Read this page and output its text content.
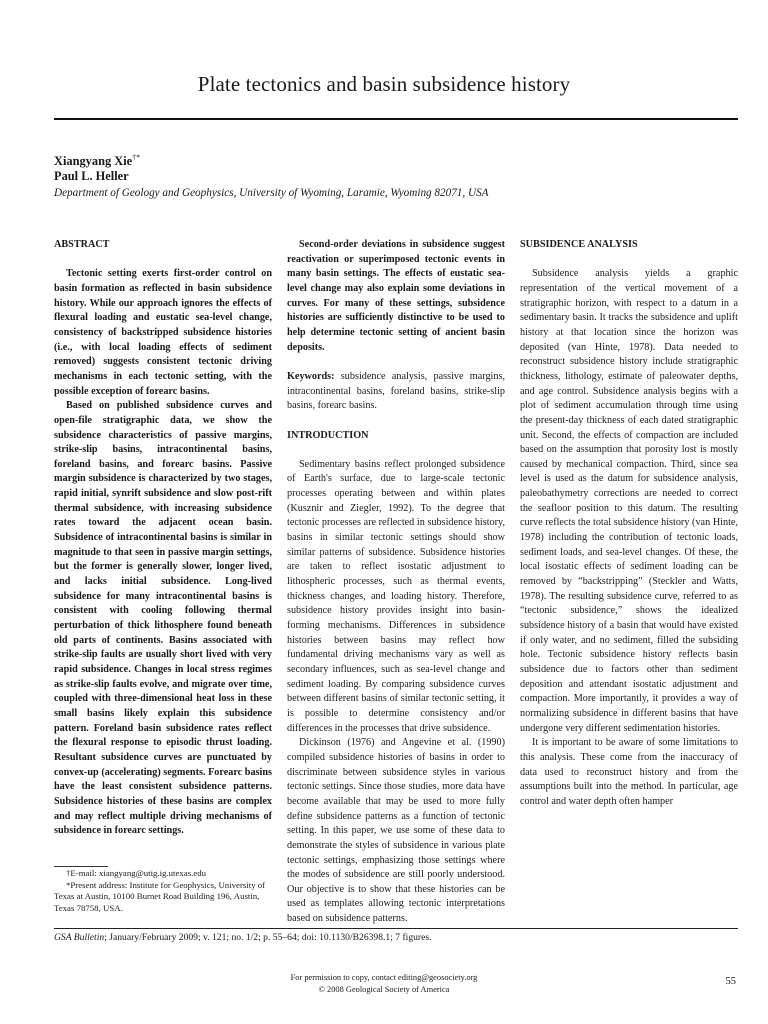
Plate tectonics and basin subsidence history
Xiangyang Xie†*
Paul L. Heller
Department of Geology and Geophysics, University of Wyoming, Laramie, Wyoming 82071, USA
ABSTRACT

Tectonic setting exerts first-order control on basin formation as reflected in basin subsidence history. While our approach ignores the effects of flexural loading and eustatic sea-level change, consistency of backstripped subsidence histories (i.e., with local loading effects of sediment removed) suggests consistent tectonic driving mechanisms in each tectonic setting, with the possible exception of forearc basins.

Based on published subsidence curves and open-file stratigraphic data, we show the subsidence characteristics of passive margins, strike-slip basins, intracontinental basins, foreland basins, and forearc basins. Passive margin subsidence is characterized by two stages, rapid initial, synrift subsidence and slow post-rift thermal subsidence, with increasing subsidence rates toward the adjacent ocean basin. Subsidence of intracontinental basins is similar in magnitude to that seen in passive margin settings, but the former is generally slower, longer lived, and lacks initial subsidence. Long-lived subsidence for many intracontinental basins is consistent with cooling following thermal perturbation of thick lithosphere found beneath old parts of continents. Basins associated with strike-slip faults are usually short lived with very rapid subsidence. Changes in local stress regimes as strike-slip faults evolve, and migrate over time, coupled with three-dimensional heat loss in these small basins likely explain this subsidence pattern. Foreland basin subsidence rates reflect the flexural response to episodic thrust loading. Resultant subsidence curves are punctuated by convex-up (accelerating) segments. Forearc basins have the least consistent subsidence patterns. Subsidence histories of these basins are complex and may reflect multiple driving mechanisms of subsidence in forearc settings.

Second-order deviations in subsidence suggest reactivation or superimposed tectonic events in many basin settings. The effects of eustatic sea-level change may also explain some deviations in curves. For many of these settings, subsidence histories are sufficiently distinctive to be used to help determine tectonic setting of ancient basin deposits.

Keywords: subsidence analysis, passive margins, intracontinental basins, foreland basins, strike-slip basins, forearc basins.

INTRODUCTION

Sedimentary basins reflect prolonged subsidence of Earth's surface, due to large-scale tectonic processes operating between and within plates (Kusznir and Ziegler, 1992). To the degree that tectonic processes are reflected in subsidence history, basins in similar tectonic settings should show similar patterns of subsidence. Subsidence histories are taken to reflect isostatic adjustment to lithospheric processes, such as thermal events, thickness changes, and loading history. Therefore, subsidence history provides insight into basin-forming mechanisms. Differences in subsidence histories between basins may reflect how fundamental driving mechanisms vary as well as secondary influences, such as sea-level change and sediment loading. By comparing subsidence curves between different basins of similar tectonic setting, it is possible to determine consistency and/or differences in the processes that drive subsidence.

Dickinson (1976) and Angevine et al. (1990) compiled subsidence histories of basins in order to discriminate between subsidence styles in various tectonic settings. Since those studies, more data have become available that may be used to more fully define subsidence patterns as a function of tectonic setting. In this paper, we use some of these data to demonstrate the styles of subsidence in various plate tectonic settings, emphasizing those settings where the modes of subsidence are still poorly understood. Our objective is to show that these histories can be used as templates allowing tectonic interpretations based on subsidence patterns.

SUBSIDENCE ANALYSIS

Subsidence analysis yields a graphic representation of the vertical movement of a stratigraphic horizon, with respect to a datum in a sedimentary basin. It tracks the subsidence and uplift history at that location since the horizon was deposited (van Hinte, 1978). Data needed to reconstruct subsidence history include stratigraphic thickness, lithology, estimate of paleowater depths, and age control. Subsidence analysis begins with a plot of sediment accumulation through time using the present-day thickness of each dated stratigraphic unit. Second, the effects of compaction are included based on the assumption that porosity lost is mostly caused by mechanical compaction. Third, since sea level is used as the datum for subsidence analysis, paleobathymetry corrections are needed to correct the seafloor position to this datum. The resulting curve reflects the total subsidence history (van Hinte, 1978) including the contribution of tectonic loads, sediment loads, and sea-level changes. Of these, the local isostatic effects of sediment loading can be removed by “backstripping” (Steckler and Watts, 1978). The resulting subsidence curve, referred to as “tectonic subsidence,” shows the idealized subsidence history of a basin that would have existed if only water, and no sediment, filled the subsiding hole. Tectonic subsidence history reflects basin subsidence due to factors other than sediment deposition and attendant isostatic adjustment and compaction. More importantly, it provides a way of normalizing subsidence in different basins that have undergone very different sedimentation histories.

It is important to be aware of some limitations to this analysis. These come from the inaccuracy of data used to reconstruct history and from the assumptions built into the method. In particular, age control and water depth often hamper

†E-mail: xiangyang@utig.ig.utexas.edu

*Present address: Institute for Geophysics, University of Texas at Austin, 10100 Burnet Road Building 196, Austin, Texas 78758, USA.

GSA Bulletin; January/February 2009; v. 121; no. 1/2; p. 55–64; doi: 10.1130/B26398.1; 7 figures.
For permission to copy, contact editing@geosociety.org
© 2008 Geological Society of America
55
